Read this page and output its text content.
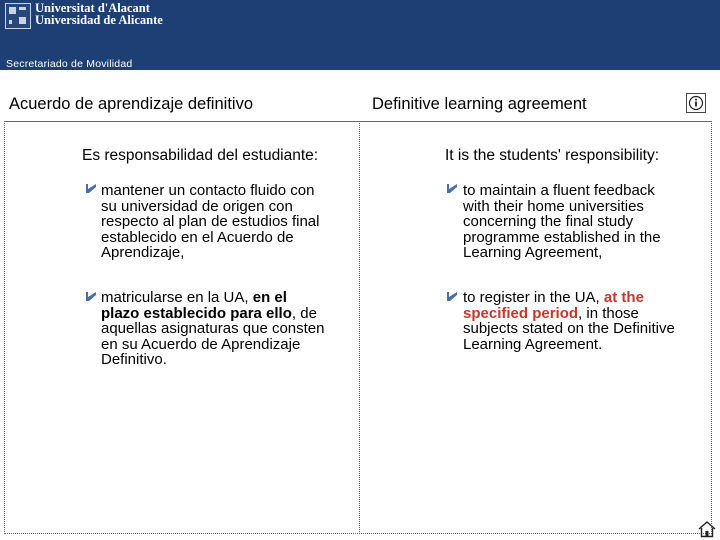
Universitat d'Alacant
Universidad de Alicante
Secretariado de Movilidad
Acuerdo de aprendizaje definitivo	Definitive learning agreement
Es responsabilidad del estudiante:
mantener un contacto fluido con
su universidad de origen con
respecto al plan de estudios final
establecido en el Acuerdo de
Aprendizaje,
matricularse en la UA, en el
plazo establecido para ello, de
aquellas asignaturas que consten
en su Acuerdo de Aprendizaje
Definitivo.
It is the students' responsibility:
to maintain a fluent feedback
with their home universities
concerning the final study
programme established in the
Learning Agreement,
to register in the UA, at the
specified period, in those
subjects stated on the Definitive
Learning Agreement.
